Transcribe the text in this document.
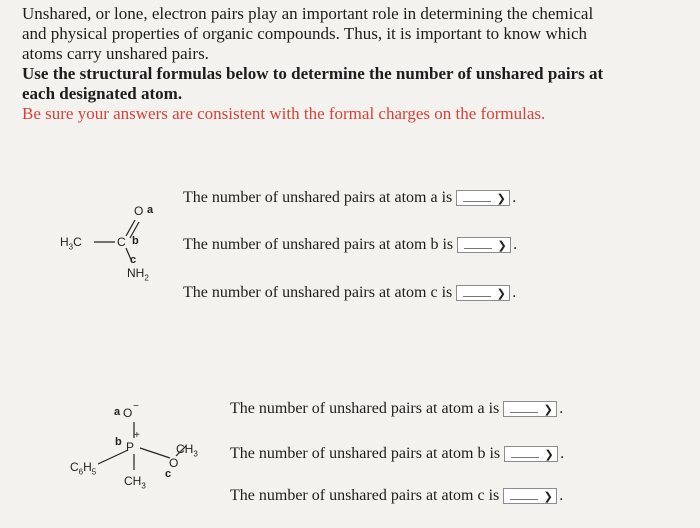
Unshared, or lone, electron pairs play an important role in determining the chemical

and physical properties of organic compounds. Thus, it is important to know which

atoms carry unshared pairs.

Use the structural formulas below to determine the number of unshared pairs at

each designated atom.

Be sure your answers are consistent with the formal charges on the formulas.

O a
$H_3C$	C b
c
$NH_2$
The number of unshared pairs at atom a is	❯ .
The number of unshared pairs at atom b is	❯ .
The number of unshared pairs at atom c is	❯ .
a O −
b P
+
$CH_3$
O
c
$C_6H_5$
$CH_3$
The number of unshared pairs at atom a is	❯ .
The number of unshared pairs at atom b is	❯ .
The number of unshared pairs at atom c is	❯ .
